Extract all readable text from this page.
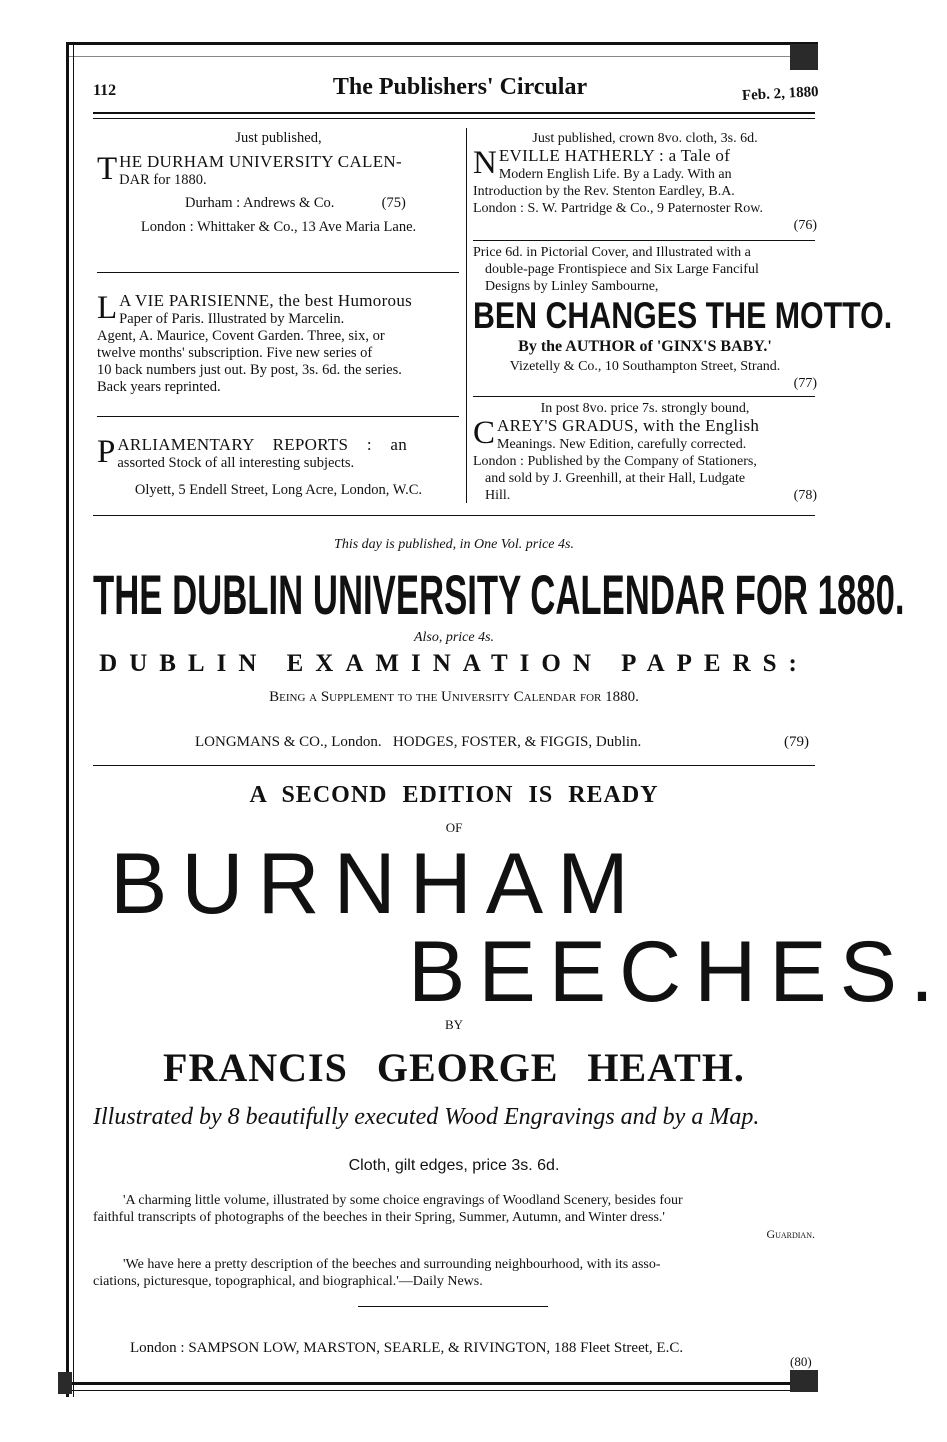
112	The Publishers' Circular	Feb. 2, 1880

Just published,

T HE DURHAM UNIVERSITY CALEN-
DAR for 1880.

Durham : Andrews & Co.	(75)

London : Whittaker & Co., 13 Ave Maria Lane.

L A VIE PARISIENNE, the best Humorous
Paper of Paris. Illustrated by Marcelin.

Agent, A. Maurice, Covent Garden. Three, six, or

twelve months' subscription. Five new series of

10 back numbers just out. By post, 3s. 6d. the series.

Back years reprinted.

P ARLIAMENTARY REPORTS : an
assorted Stock of all interesting subjects.

Olyett, 5 Endell Street, Long Acre, London, W.C.

Just published, crown 8vo. cloth, 3s. 6d.

N EVILLE HATHERLY : a Tale of
Modern English Life. By a Lady. With an

Introduction by the Rev. Stenton Eardley, B.A.

London : S. W. Partridge & Co., 9 Paternoster Row.

(76)

Price 6d. in Pictorial Cover, and Illustrated with a

double-page Frontispiece and Six Large Fanciful

Designs by Linley Sambourne,

BEN CHANGES THE MOTTO.

By the AUTHOR of 'GINX'S BABY.'

Vizetelly & Co., 10 Southampton Street, Strand.

(77)

In post 8vo. price 7s. strongly bound,

C AREY'S GRADUS, with the English
Meanings. New Edition, carefully corrected.

London : Published by the Company of Stationers,

and sold by J. Greenhill, at their Hall, Ludgate

Hill.	(78)

This day is published, in One Vol. price 4s.
THE DUBLIN UNIVERSITY CALENDAR FOR 1880.
Also, price 4s.
DUBLIN EXAMINATION PAPERS:
Being a Supplement to the University Calendar for 1880.
LONGMANS & CO., London.   HODGES, FOSTER, & FIGGIS, Dublin.	(79)
A SECOND EDITION IS READY
OF
BURNHAM
BEECHES.
BY
FRANCIS GEORGE HEATH.
Illustrated by 8 beautifully executed Wood Engravings and by a Map.
Cloth, gilt edges, price 3s. 6d.

'A charming little volume, illustrated by some choice engravings of Woodland Scenery, besides four

faithful transcripts of photographs of the beeches in their Spring, Summer, Autumn, and Winter dress.'

Guardian.

'We have here a pretty description of the beeches and surrounding neighbourhood, with its asso-

ciations, picturesque, topographical, and biographical.'—Daily News.

London : SAMPSON LOW, MARSTON, SEARLE, & RIVINGTON, 188 Fleet Street, E.C.
(80)
